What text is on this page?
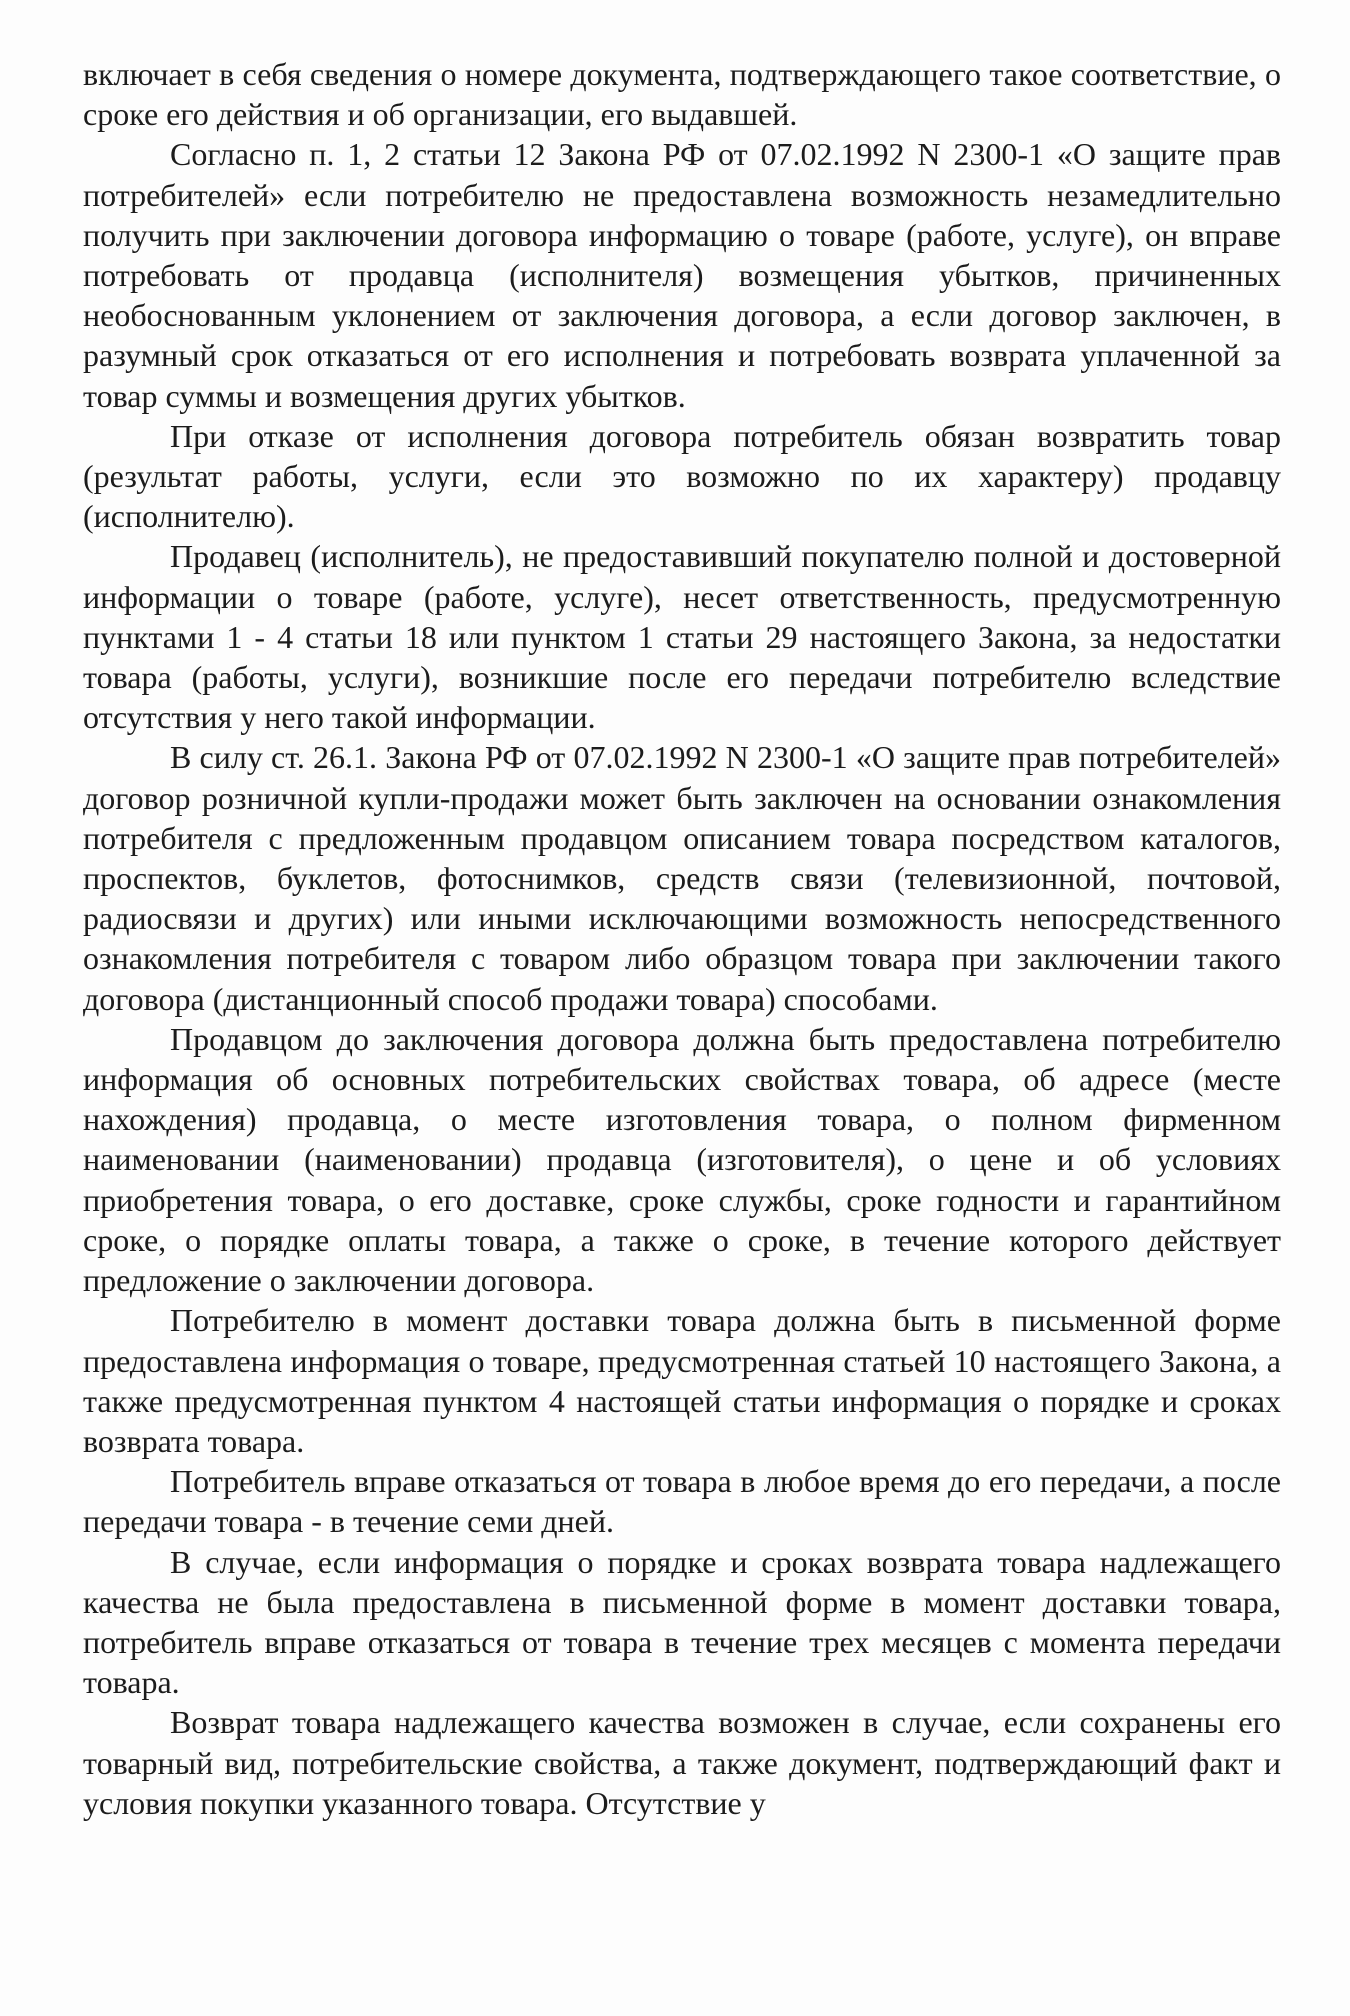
включает в себя сведения о номере документа, подтверждающего такое соответствие, о сроке его действия и об организации, его выдавшей.

Согласно п. 1, 2 статьи 12 Закона РФ от 07.02.1992 N 2300-1 «О защите прав потребителей» если потребителю не предоставлена возможность незамедлительно получить при заключении договора информацию о товаре (работе, услуге), он вправе потребовать от продавца (исполнителя) возмещения убытков, причиненных необоснованным уклонением от заключения договора, а если договор заключен, в разумный срок отказаться от его исполнения и потребовать возврата уплаченной за товар суммы и возмещения других убытков.

При отказе от исполнения договора потребитель обязан возвратить товар (результат работы, услуги, если это возможно по их характеру) продавцу (исполнителю).

Продавец (исполнитель), не предоставивший покупателю полной и достоверной информации о товаре (работе, услуге), несет ответственность, предусмотренную пунктами 1 - 4 статьи 18 или пунктом 1 статьи 29 настоящего Закона, за недостатки товара (работы, услуги), возникшие после его передачи потребителю вследствие отсутствия у него такой информации.

В силу ст. 26.1. Закона РФ от 07.02.1992 N 2300-1 «О защите прав потребителей» договор розничной купли-продажи может быть заключен на основании ознакомления потребителя с предложенным продавцом описанием товара посредством каталогов, проспектов, буклетов, фотоснимков, средств связи (телевизионной, почтовой, радиосвязи и других) или иными исключающими возможность непосредственного ознакомления потребителя с товаром либо образцом товара при заключении такого договора (дистанционный способ продажи товара) способами.

Продавцом до заключения договора должна быть предоставлена потребителю информация об основных потребительских свойствах товара, об адресе (месте нахождения) продавца, о месте изготовления товара, о полном фирменном наименовании (наименовании) продавца (изготовителя), о цене и об условиях приобретения товара, о его доставке, сроке службы, сроке годности и гарантийном сроке, о порядке оплаты товара, а также о сроке, в течение которого действует предложение о заключении договора.

Потребителю в момент доставки товара должна быть в письменной форме предоставлена информация о товаре, предусмотренная статьей 10 настоящего Закона, а также предусмотренная пунктом 4 настоящей статьи информация о порядке и сроках возврата товара.

Потребитель вправе отказаться от товара в любое время до его передачи, а после передачи товара - в течение семи дней.

В случае, если информация о порядке и сроках возврата товара надлежащего качества не была предоставлена в письменной форме в момент доставки товара, потребитель вправе отказаться от товара в течение трех месяцев с момента передачи товара.

Возврат товара надлежащего качества возможен в случае, если сохранены его товарный вид, потребительские свойства, а также документ, подтверждающий факт и условия покупки указанного товара. Отсутствие у
